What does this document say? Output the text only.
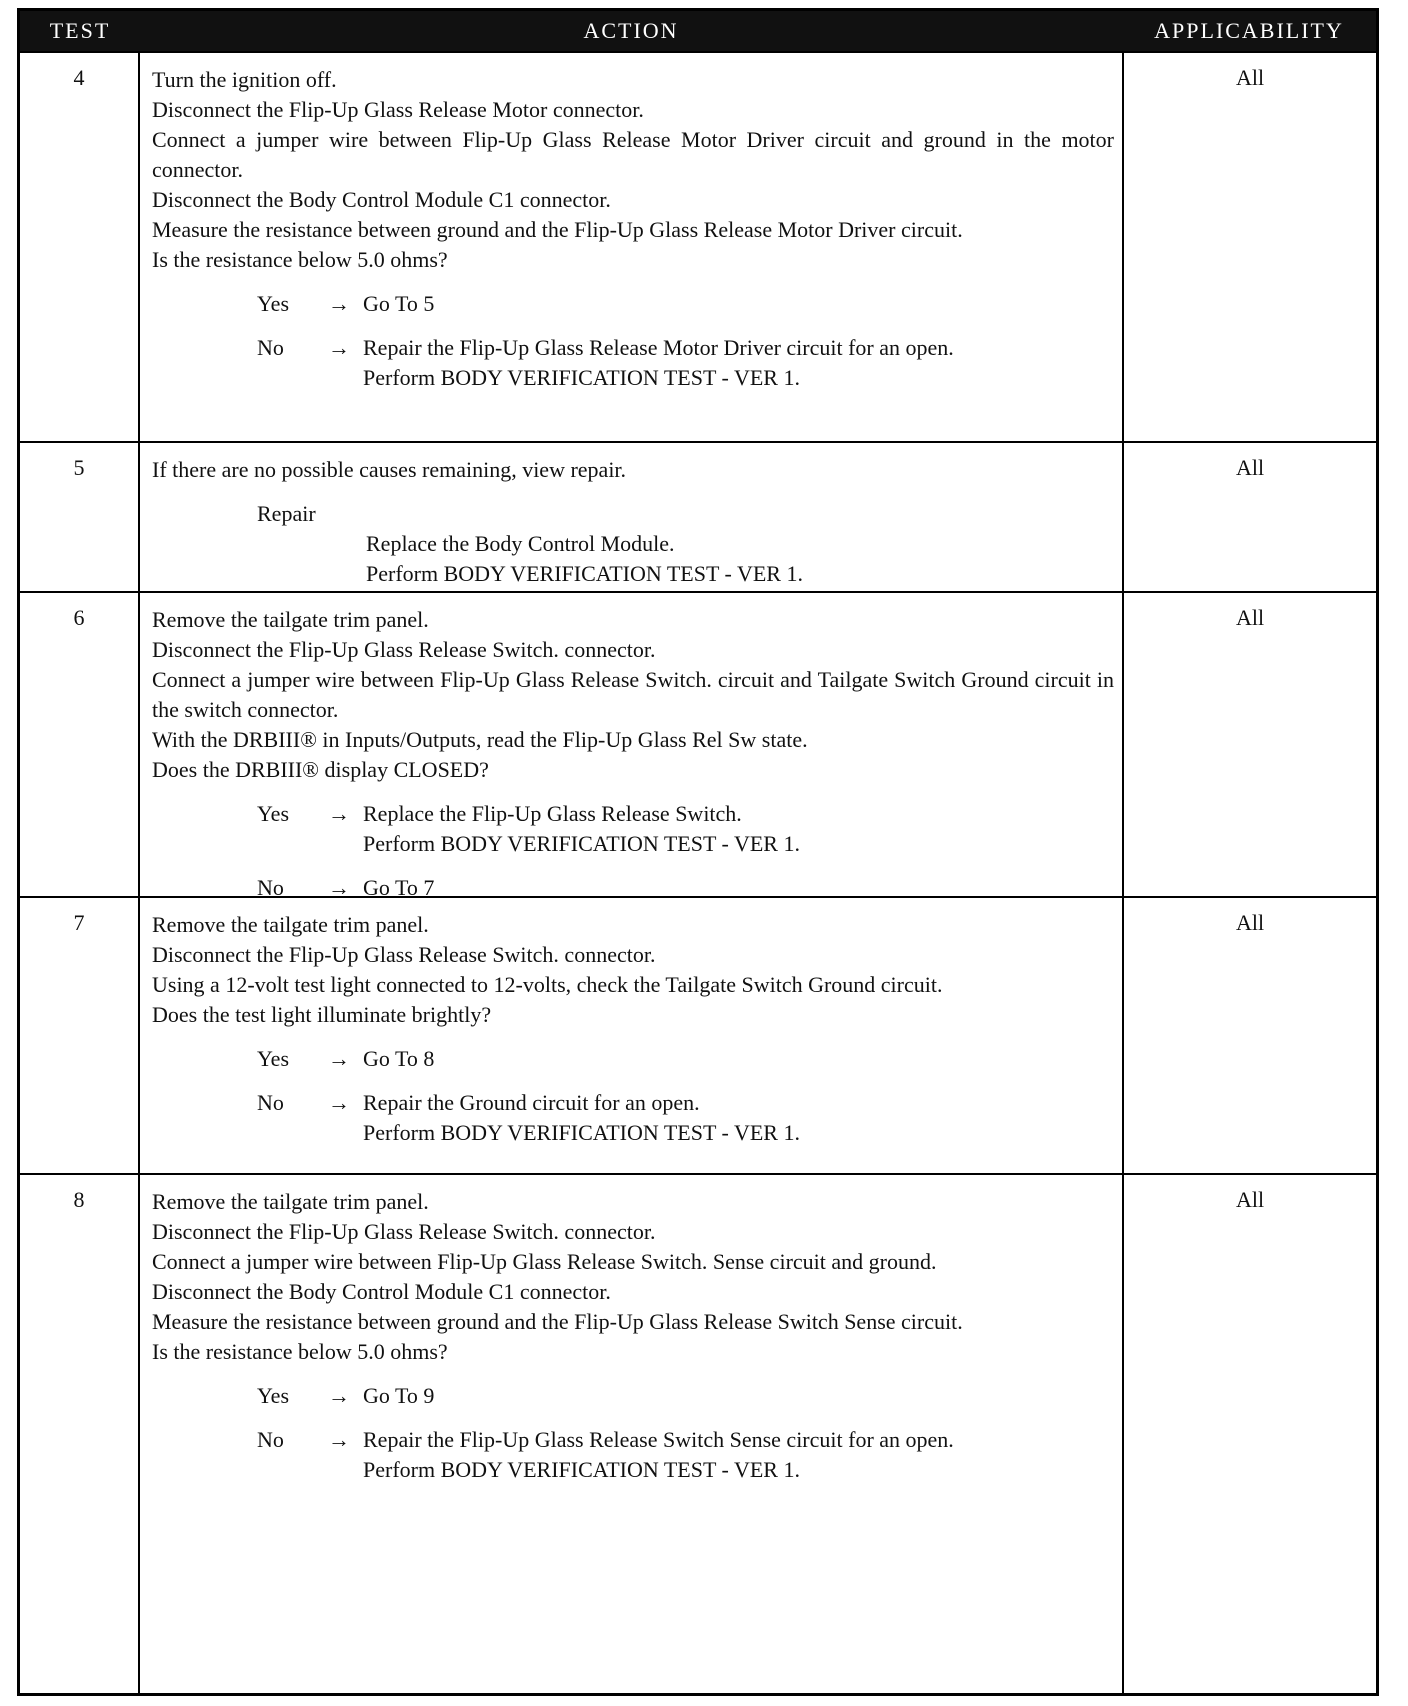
TEST	ACTION	APPLICABILITY
4	Turn the ignition off.

Disconnect the Flip-Up Glass Release Motor connector.

Connect a jumper wire between Flip-Up Glass Release Motor Driver circuit and ground in the motor connector.

Disconnect the Body Control Module C1 connector.

Measure the resistance between ground and the Flip-Up Glass Release Motor Driver circuit.

Is the resistance below 5.0 ohms?

Yes	→ Go To 5
No	→ Repair the Flip-Up Glass Release Motor Driver circuit for an open.
Perform BODY VERIFICATION TEST - VER 1.
All
5	If there are no possible causes remaining, view repair.

Repair

Replace the Body Control Module.

Perform BODY VERIFICATION TEST - VER 1.

All
6	Remove the tailgate trim panel.

Disconnect the Flip-Up Glass Release Switch. connector.

Connect a jumper wire between Flip-Up Glass Release Switch. circuit and Tailgate Switch Ground circuit in the switch connector.

With the DRBIII® in Inputs/Outputs, read the Flip-Up Glass Rel Sw state.

Does the DRBIII® display CLOSED?

Yes	→ Replace the Flip-Up Glass Release Switch.
Perform BODY VERIFICATION TEST - VER 1.
No	→ Go To 7
All
7	Remove the tailgate trim panel.

Disconnect the Flip-Up Glass Release Switch. connector.

Using a 12-volt test light connected to 12-volts, check the Tailgate Switch Ground circuit.

Does the test light illuminate brightly?

Yes	→ Go To 8
No	→ Repair the Ground circuit for an open.
Perform BODY VERIFICATION TEST - VER 1.
All
8	Remove the tailgate trim panel.

Disconnect the Flip-Up Glass Release Switch. connector.

Connect a jumper wire between Flip-Up Glass Release Switch. Sense circuit and ground.

Disconnect the Body Control Module C1 connector.

Measure the resistance between ground and the Flip-Up Glass Release Switch Sense circuit.

Is the resistance below 5.0 ohms?

Yes	→ Go To 9
No	→ Repair the Flip-Up Glass Release Switch Sense circuit for an open.
Perform BODY VERIFICATION TEST - VER 1.
All
